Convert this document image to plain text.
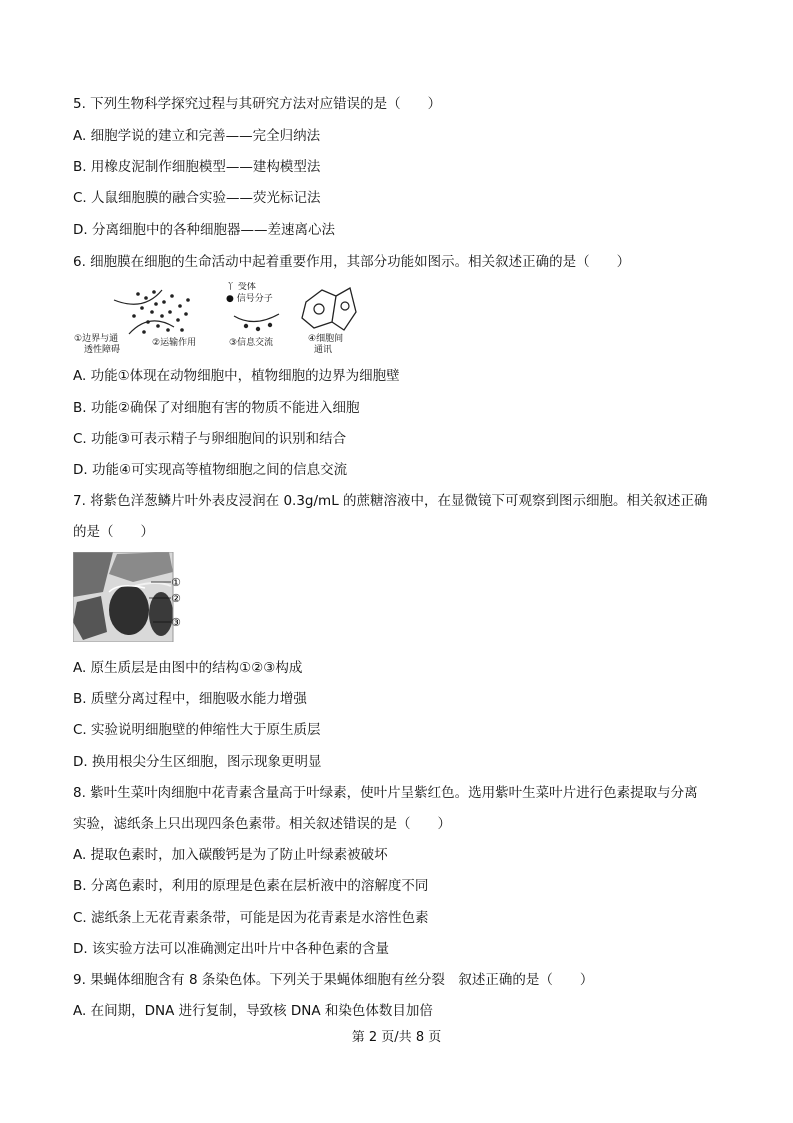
5. 下列生物科学探究过程与其研究方法对应错误的是（　　）
A. 细胞学说的建立和完善——完全归纳法
B. 用橡皮泥制作细胞模型——建构模型法
C. 人鼠细胞膜的融合实验——荧光标记法
D. 分离细胞中的各种细胞器——差速离心法
6. 细胞膜在细胞的生命活动中起着重要作用，其部分功能如图示。相关叙述正确的是（　　）
丫 受体
● 信号分子
①边界与通
透性障碍
②运输作用	③信息交流	④细胞间
通讯
A. 功能①体现在动物细胞中，植物细胞的边界为细胞壁
B. 功能②确保了对细胞有害的物质不能进入细胞
C. 功能③可表示精子与卵细胞间的识别和结合
D. 功能④可实现高等植物细胞之间的信息交流
7. 将紫色洋葱鳞片叶外表皮浸润在 0.3g/mL 的蔗糖溶液中，在显微镜下可观察到图示细胞。相关叙述正确
的是（　　）
①
②
③
A. 原生质层是由图中的结构①②③构成
B. 质壁分离过程中，细胞吸水能力增强
C. 实验说明细胞壁的伸缩性大于原生质层
D. 换用根尖分生区细胞，图示现象更明显
8. 紫叶生菜叶肉细胞中花青素含量高于叶绿素，使叶片呈紫红色。选用紫叶生菜叶片进行色素提取与分离
实验，滤纸条上只出现四条色素带。相关叙述错误的是（　　）
A. 提取色素时，加入碳酸钙是为了防止叶绿素被破坏
B. 分离色素时，利用的原理是色素在层析液中的溶解度不同
C. 滤纸条上无花青素条带，可能是因为花青素是水溶性色素
D. 该实验方法可以准确测定出叶片中各种色素的含量
9. 果蝇体细胞含有 8 条染色体。下列关于果蝇体细胞有丝分裂　叙述正确的是（　　）
A. 在间期，DNA 进行复制，导致核 DNA 和染色体数目加倍
第 2 页/共 8 页
